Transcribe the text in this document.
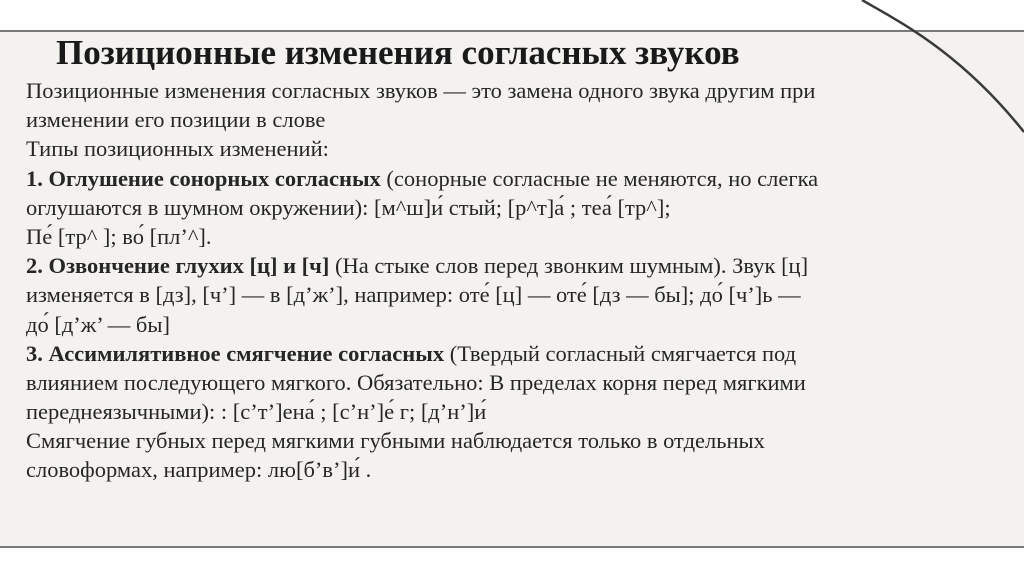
Позиционные изменения согласных звуков
Позиционные изменения согласных звуков — это замена одного звука другим при
изменении его позиции в слове
Типы позиционных изменений:
1. Оглушение сонорных согласных (сонорные согласные не меняются, но слегка
оглушаются в шумном окружении): [м^ш]и́ стый; [р^т]а́ ; теа́ [тр^];
Пе́ [тр^ ]; во́ [пл’^].
2. Озвончение глухих [ц] и [ч] (На стыке слов перед звонким шумным). Звук [ц]
изменяется в [дз], [ч’] — в [д’ж’], например: оте́ [ц] — оте́ [дз — бы]; до́ [ч’]ь —
до́ [д’ж’ — бы]
3. Ассимилятивное смягчение согласных (Твердый согласный смягчается под
влиянием последующего мягкого. Обязательно: В пределах корня перед мягкими
переднеязычными): : [с’т’]ена́ ; [с’н’]е́ г; [д’н’]и́
Смягчение губных перед мягкими губными наблюдается только в отдельных
словоформах, например: лю[б’в’]и́ .
